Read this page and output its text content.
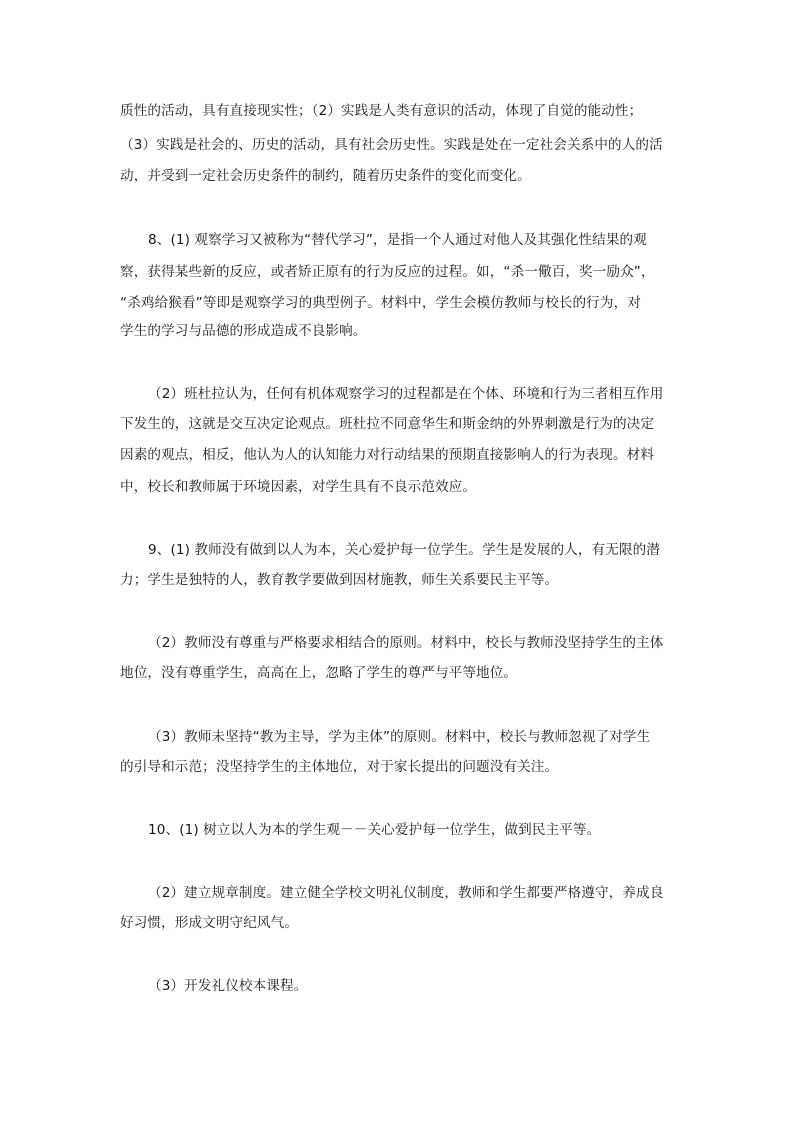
质性的活动，具有直接现实性；（2）实践是人类有意识的活动，体现了自觉的能动性；
（3）实践是社会的、历史的活动，具有社会历史性。实践是处在一定社会关系中的人的活
动，并受到一定社会历史条件的制约，随着历史条件的变化而变化。
8、(1) 观察学习又被称为“替代学习”，是指一个人通过对他人及其强化性结果的观
察，获得某些新的反应，或者矫正原有的行为反应的过程。如，“杀一儆百，奖一励众”，
“杀鸡给猴看”等即是观察学习的典型例子。材料中，学生会模仿教师与校长的行为，对
学生的学习与品德的形成造成不良影响。
（2）班杜拉认为，任何有机体观察学习的过程都是在个体、环境和行为三者相互作用
下发生的，这就是交互决定论观点。班杜拉不同意华生和斯金纳的外界刺激是行为的决定
因素的观点，相反，他认为人的认知能力对行动结果的预期直接影响人的行为表现。材料
中，校长和教师属于环境因素，对学生具有不良示范效应。
9、(1) 教师没有做到以人为本，关心爱护每一位学生。学生是发展的人，有无限的潜
力；学生是独特的人，教育教学要做到因材施教，师生关系要民主平等。
（2）教师没有尊重与严格要求相结合的原则。材料中，校长与教师没坚持学生的主体
地位，没有尊重学生，高高在上，忽略了学生的尊严与平等地位。
（3）教师未坚持“教为主导，学为主体”的原则。材料中，校长与教师忽视了对学生
的引导和示范；没坚持学生的主体地位，对于家长提出的问题没有关注。
10、(1) 树立以人为本的学生观－－关心爱护每一位学生，做到民主平等。
（2）建立规章制度。建立健全学校文明礼仪制度，教师和学生都要严格遵守，养成良
好习惯，形成文明守纪风气。
（3）开发礼仪校本课程。
